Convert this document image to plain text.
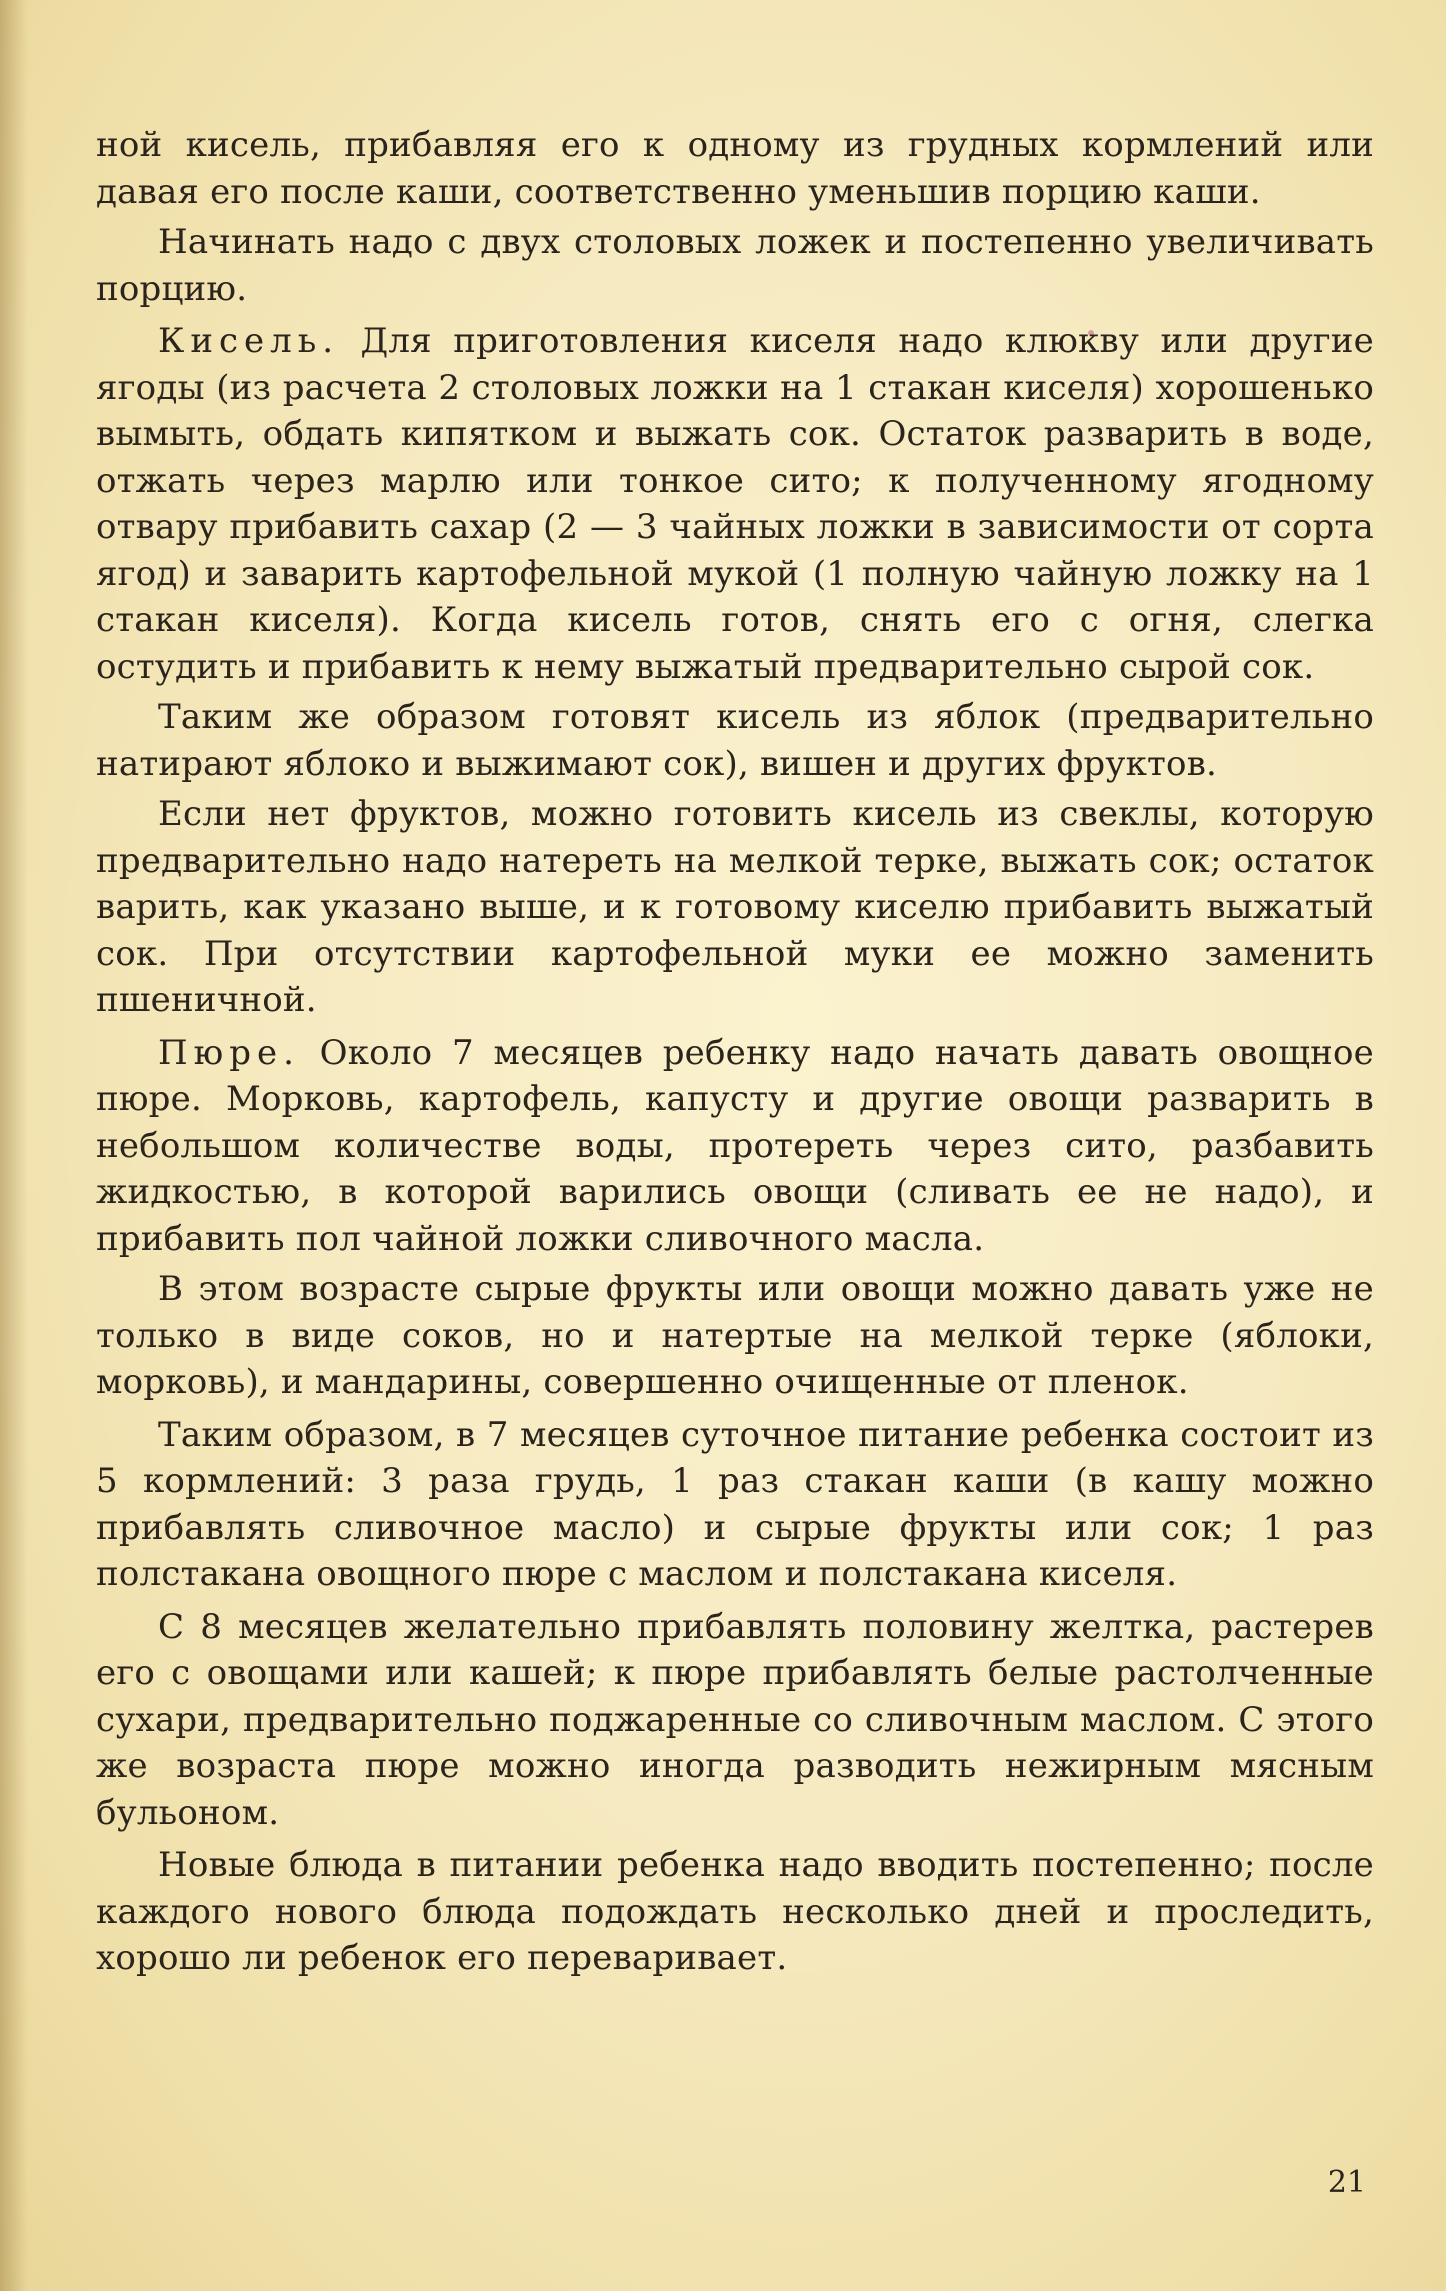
ной кисель, прибавляя его к одному из грудных кормлений или давая его после каши, соответственно уменьшив порцию каши.

Начинать надо с двух столовых ложек и постепенно увеличивать порцию.

Кисель. Для приготовления киселя надо клюкву или другие ягоды (из расчета 2 столовых ложки на 1 стакан киселя) хорошенько вымыть, обдать кипятком и выжать сок. Остаток разварить в воде, отжать через марлю или тонкое сито; к полученному ягодному отвару прибавить сахар (2 — 3 чайных ложки в зависимости от сорта ягод) и заварить картофельной мукой (1 полную чайную ложку на 1 стакан киселя). Когда кисель готов, снять его с огня, слегка остудить и прибавить к нему выжатый предварительно сырой сок.

Таким же образом готовят кисель из яблок (предварительно натирают яблоко и выжимают сок), вишен и других фруктов.

Если нет фруктов, можно готовить кисель из свеклы, которую предварительно надо натереть на мелкой терке, выжать сок; остаток варить, как указано выше, и к готовому киселю прибавить выжатый сок. При отсутствии картофельной муки ее можно заменить пшеничной.

Пюре. Около 7 месяцев ребенку надо начать давать овощное пюре. Морковь, картофель, капусту и другие овощи разварить в небольшом количестве воды, протереть через сито, разбавить жидкостью, в которой варились овощи (сливать ее не надо), и прибавить пол чайной ложки сливочного масла.

В этом возрасте сырые фрукты или овощи можно давать уже не только в виде соков, но и натертые на мелкой терке (яблоки, морковь), и мандарины, совершенно очищенные от пленок.

Таким образом, в 7 месяцев суточное питание ребенка состоит из 5 кормлений: 3 раза грудь, 1 раз стакан каши (в кашу можно прибавлять сливочное масло) и сырые фрукты или сок; 1 раз полстакана овощного пюре с маслом и полстакана киселя.

С 8 месяцев желательно прибавлять половину желтка, растерев его с овощами или кашей; к пюре прибавлять белые растолченные сухари, предварительно поджаренные со сливочным маслом. С этого же возраста пюре можно иногда разводить нежирным мясным бульоном.

Новые блюда в питании ребенка надо вводить постепенно; после каждого нового блюда подождать несколько дней и проследить, хорошо ли ребенок его переваривает.

21
